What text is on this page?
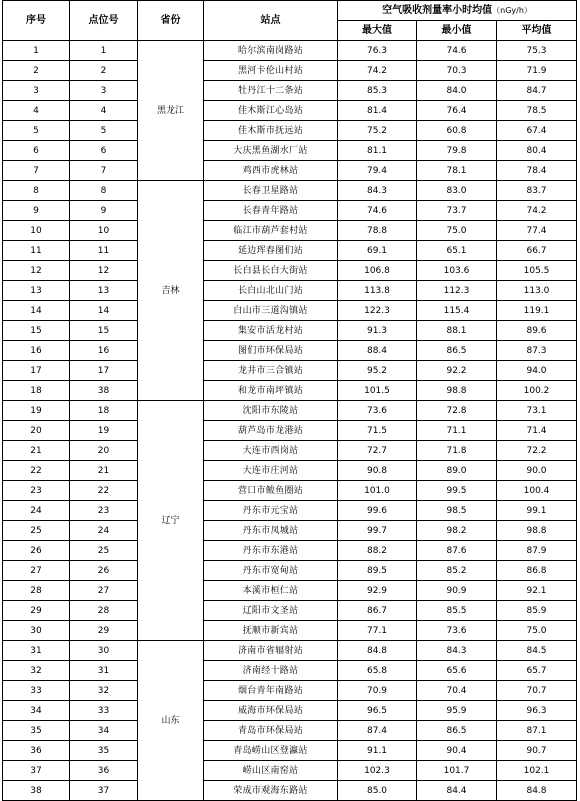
序号	点位号	省份	站点	空气吸收剂量率小时均值（nGy/h）		
				最大值	最小值	平均值
1	1	黑龙江	哈尔滨南岗路站	76.3	74.6	75.3
2	2		黑河卡伦山村站	74.2	70.3	71.9
3	3		牡丹江十二条站	85.3	84.0	84.7
4	4		佳木斯江心岛站	81.4	76.4	78.5
5	5		佳木斯市抚远站	75.2	60.8	67.4
6	6		大庆黑鱼湖水厂站	81.1	79.8	80.4
7	7		鸡西市虎林站	79.4	78.1	78.4
8	8	吉林	长春卫星路站	84.3	83.0	83.7
9	9		长春青年路站	74.6	73.7	74.2
10	10		临江市葫芦套村站	78.8	75.0	77.4
11	11		延边珲春图们站	69.1	65.1	66.7
12	12		长白县长白大街站	106.8	103.6	105.5
13	13		长白山北山门站	113.8	112.3	113.0
14	14		白山市三道沟镇站	122.3	115.4	119.1
15	15		集安市活龙村站	91.3	88.1	89.6
16	16		图们市环保局站	88.4	86.5	87.3
17	17		龙井市三合镇站	95.2	92.2	94.0
18	38		和龙市南坪镇站	101.5	98.8	100.2
19	18	辽宁	沈阳市东陵站	73.6	72.8	73.1
20	19		葫芦岛市龙港站	71.5	71.1	71.4
21	20		大连市西岗站	72.7	71.8	72.2
22	21		大连市庄河站	90.8	89.0	90.0
23	22		营口市鲅鱼圈站	101.0	99.5	100.4
24	23		丹东市元宝站	99.6	98.5	99.1
25	24		丹东市凤城站	99.7	98.2	98.8
26	25		丹东市东港站	88.2	87.6	87.9
27	26		丹东市宽甸站	89.5	85.2	86.8
28	27		本溪市桓仁站	92.9	90.9	92.1
29	28		辽阳市文圣站	86.7	85.5	85.9
30	29		抚顺市新宾站	77.1	73.6	75.0
31	30	山东	济南市省辐射站	84.8	84.3	84.5
32	31		济南经十路站	65.8	65.6	65.7
33	32		烟台青年南路站	70.9	70.4	70.7
34	33		威海市环保局站	96.5	95.9	96.3
35	34		青岛市环保局站	87.4	86.5	87.1
36	35		青岛崂山区登瀛站	91.1	90.4	90.7
37	36		崂山区南窑站	102.3	101.7	102.1
38	37		荣成市观海东路站	85.0	84.4	84.8
